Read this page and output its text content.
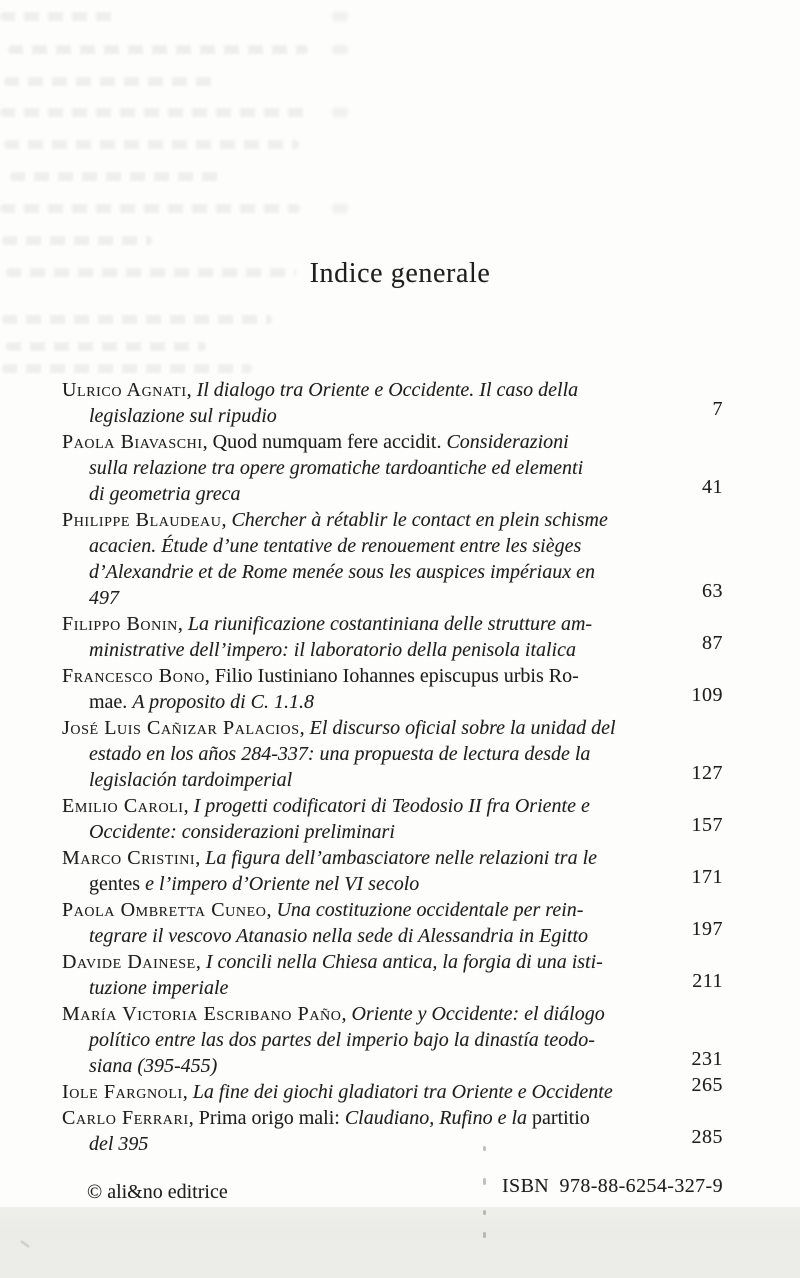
Indice generale
Ulrico Agnati, Il dialogo tra Oriente e Occidente. Il caso della
legislazione sul ripudio	7
Paola Biavaschi, Quod numquam fere accidit. Considerazioni
sulla relazione tra opere gromatiche tardoantiche ed elementi
di geometria greca	41
Philippe Blaudeau, Chercher à rétablir le contact en plein schisme
acacien. Étude d’une tentative de renouement entre les sièges
d’Alexandrie et de Rome menée sous les auspices impériaux en
497	63
Filippo Bonin, La riunificazione costantiniana delle strutture am-
ministrative dell’impero: il laboratorio della penisola italica	87
Francesco Bono, Filio Iustiniano Iohannes episcupus urbis Ro-
mae. A proposito di C. 1.1.8	109
José Luis Cañizar Palacios, El discurso oficial sobre la unidad del
estado en los años 284-337: una propuesta de lectura desde la
legislación tardoimperial	127
Emilio Caroli, I progetti codificatori di Teodosio II fra Oriente e
Occidente: considerazioni preliminari	157
Marco Cristini, La figura dell’ambasciatore nelle relazioni tra le
gentes e l’impero d’Oriente nel VI secolo	171
Paola Ombretta Cuneo, Una costituzione occidentale per rein-
tegrare il vescovo Atanasio nella sede di Alessandria in Egitto	197
Davide Dainese, I concili nella Chiesa antica, la forgia di una isti-
tuzione imperiale	211
María Victoria Escribano Paño, Oriente y Occidente: el diálogo
político entre las dos partes del imperio bajo la dinastía teodo-
siana (395-455)	231
Iole Fargnoli, La fine dei giochi gladiatori tra Oriente e Occidente	265
Carlo Ferrari, Prima origo mali: Claudiano, Rufino e la partitio
del 395	285
© ali&no editrice	ISBN 978-88-6254-327-9
